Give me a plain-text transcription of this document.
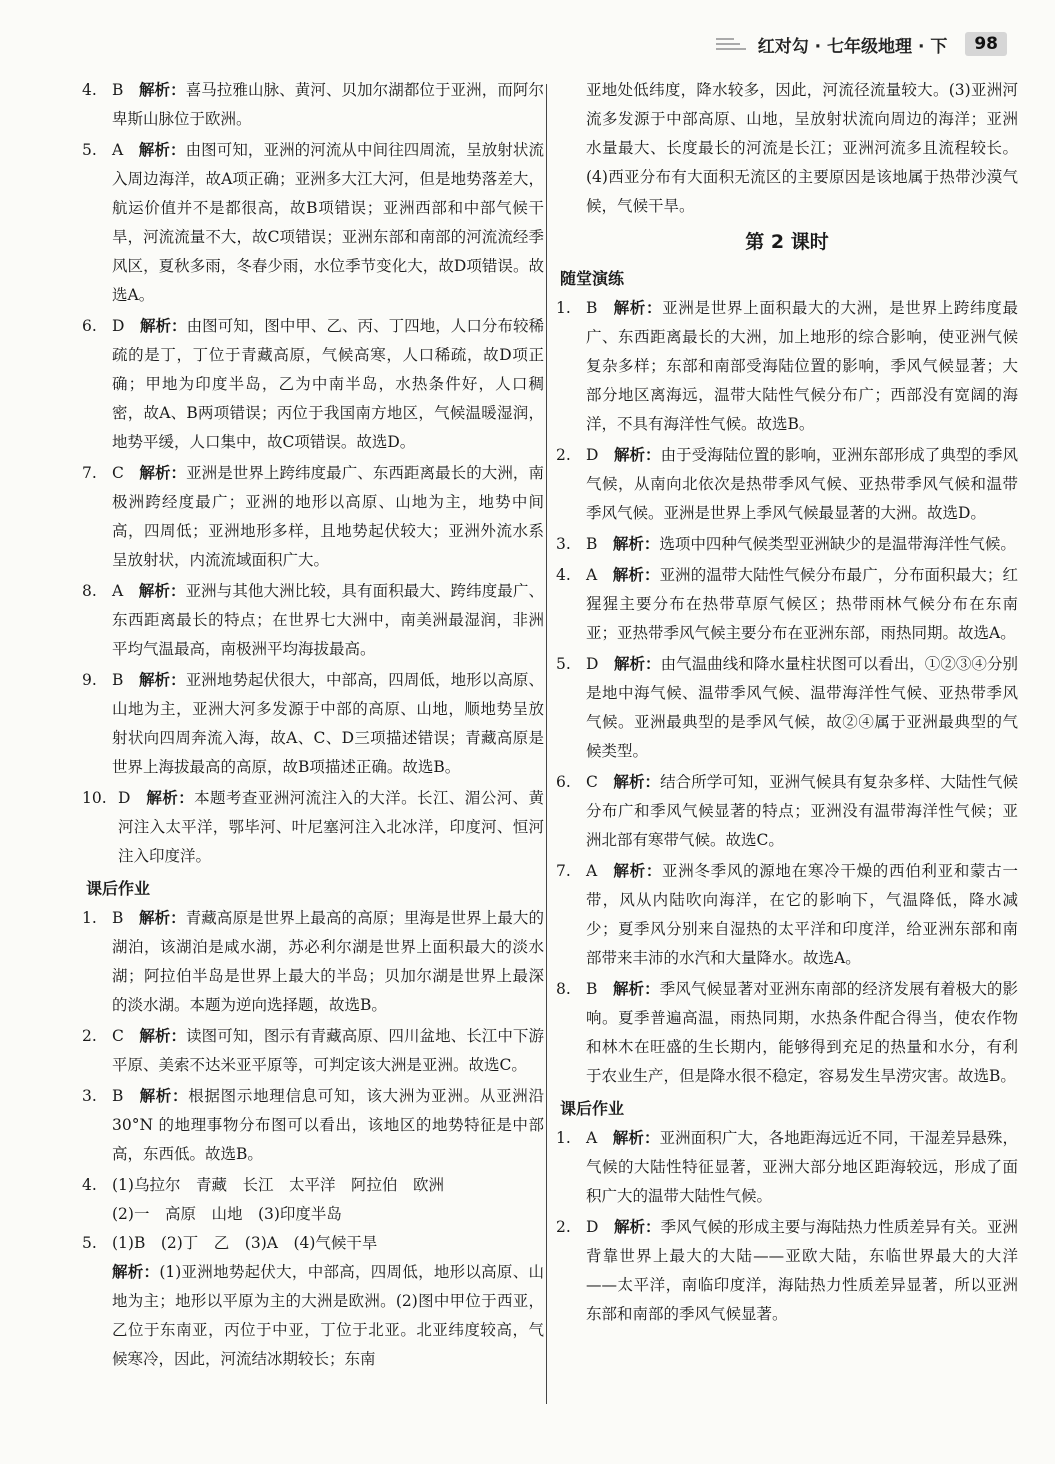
红对勾 · 七年级地理 · 下	98
4. B  解析：喜马拉雅山脉、黄河、贝加尔湖都位于亚洲，而阿尔卑斯山脉位于欧洲。
5. A  解析：由图可知，亚洲的河流从中间往四周流，呈放射状流入周边海洋，故A项正确；亚洲多大江大河，但是地势落差大，航运价值并不是都很高，故B项错误；亚洲西部和中部气候干旱，河流流量不大，故C项错误；亚洲东部和南部的河流流经季风区，夏秋多雨，冬春少雨，水位季节变化大，故D项错误。故选A。
6. D  解析：由图可知，图中甲、乙、丙、丁四地，人口分布较稀疏的是丁，丁位于青藏高原，气候高寒，人口稀疏，故D项正确；甲地为印度半岛，乙为中南半岛，水热条件好，人口稠密，故A、B两项错误；丙位于我国南方地区，气候温暖湿润，地势平缓，人口集中，故C项错误。故选D。
7. C  解析：亚洲是世界上跨纬度最广、东西距离最长的大洲，南极洲跨经度最广；亚洲的地形以高原、山地为主，地势中间高，四周低；亚洲地形多样，且地势起伏较大；亚洲外流水系呈放射状，内流流域面积广大。
8. A  解析：亚洲与其他大洲比较，具有面积最大、跨纬度最广、东西距离最长的特点；在世界七大洲中，南美洲最湿润，非洲平均气温最高，南极洲平均海拔最高。
9. B  解析：亚洲地势起伏很大，中部高，四周低，地形以高原、山地为主，亚洲大河多发源于中部的高原、山地，顺地势呈放射状向四周奔流入海，故A、C、D三项描述错误；青藏高原是世界上海拔最高的高原，故B项描述正确。故选B。
10. D  解析：本题考查亚洲河流注入的大洋。长江、湄公河、黄河注入太平洋，鄂毕河、叶尼塞河注入北冰洋，印度河、恒河注入印度洋。
课后作业
1. B  解析：青藏高原是世界上最高的高原；里海是世界上最大的湖泊，该湖泊是咸水湖，苏必利尔湖是世界上面积最大的淡水湖；阿拉伯半岛是世界上最大的半岛；贝加尔湖是世界上最深的淡水湖。本题为逆向选择题，故选B。
2. C  解析：读图可知，图示有青藏高原、四川盆地、长江中下游平原、美索不达米亚平原等，可判定该大洲是亚洲。故选C。
3. B  解析：根据图示地理信息可知，该大洲为亚洲。从亚洲沿 30°N 的地理事物分布图可以看出，该地区的地势特征是中部高，东西低。故选B。
4. (1)乌拉尔　青藏　长江　太平洋　阿拉伯　欧洲
(2)一　高原　山地　(3)印度半岛
5. (1)B　(2)丁　乙　(3)A　(4)气候干旱
解析：(1)亚洲地势起伏大，中部高，四周低，地形以高原、山地为主；地形以平原为主的大洲是欧洲。(2)图中甲位于西亚，乙位于东南亚，丙位于中亚，丁位于北亚。北亚纬度较高，气候寒冷，因此，河流结冰期较长；东南
亚地处低纬度，降水较多，因此，河流径流量较大。(3)亚洲河流多发源于中部高原、山地，呈放射状流向周边的海洋；亚洲水量最大、长度最长的河流是长江；亚洲河流多且流程较长。(4)西亚分布有大面积无流区的主要原因是该地属于热带沙漠气候，气候干旱。
第 2 课时
随堂演练
1. B  解析：亚洲是世界上面积最大的大洲，是世界上跨纬度最广、东西距离最长的大洲，加上地形的综合影响，使亚洲气候复杂多样；东部和南部受海陆位置的影响，季风气候显著；大部分地区离海远，温带大陆性气候分布广；西部没有宽阔的海洋，不具有海洋性气候。故选B。
2. D  解析：由于受海陆位置的影响，亚洲东部形成了典型的季风气候，从南向北依次是热带季风气候、亚热带季风气候和温带季风气候。亚洲是世界上季风气候最显著的大洲。故选D。
3. B  解析：选项中四种气候类型亚洲缺少的是温带海洋性气候。
4. A  解析：亚洲的温带大陆性气候分布最广，分布面积最大；红猩猩主要分布在热带草原气候区；热带雨林气候分布在东南亚；亚热带季风气候主要分布在亚洲东部，雨热同期。故选A。
5. D  解析：由气温曲线和降水量柱状图可以看出，①②③④分别是地中海气候、温带季风气候、温带海洋性气候、亚热带季风气候。亚洲最典型的是季风气候，故②④属于亚洲最典型的气候类型。
6. C  解析：结合所学可知，亚洲气候具有复杂多样、大陆性气候分布广和季风气候显著的特点；亚洲没有温带海洋性气候；亚洲北部有寒带气候。故选C。
7. A  解析：亚洲冬季风的源地在寒冷干燥的西伯利亚和蒙古一带，风从内陆吹向海洋，在它的影响下，气温降低，降水减少；夏季风分别来自湿热的太平洋和印度洋，给亚洲东部和南部带来丰沛的水汽和大量降水。故选A。
8. B  解析：季风气候显著对亚洲东南部的经济发展有着极大的影响。夏季普遍高温，雨热同期，水热条件配合得当，使农作物和林木在旺盛的生长期内，能够得到充足的热量和水分，有利于农业生产，但是降水很不稳定，容易发生旱涝灾害。故选B。
课后作业
1. A  解析：亚洲面积广大，各地距海远近不同，干湿差异悬殊，气候的大陆性特征显著，亚洲大部分地区距海较远，形成了面积广大的温带大陆性气候。
2. D  解析：季风气候的形成主要与海陆热力性质差异有关。亚洲背靠世界上最大的大陆——亚欧大陆，东临世界最大的大洋——太平洋，南临印度洋，海陆热力性质差异显著，所以亚洲东部和南部的季风气候显著。
